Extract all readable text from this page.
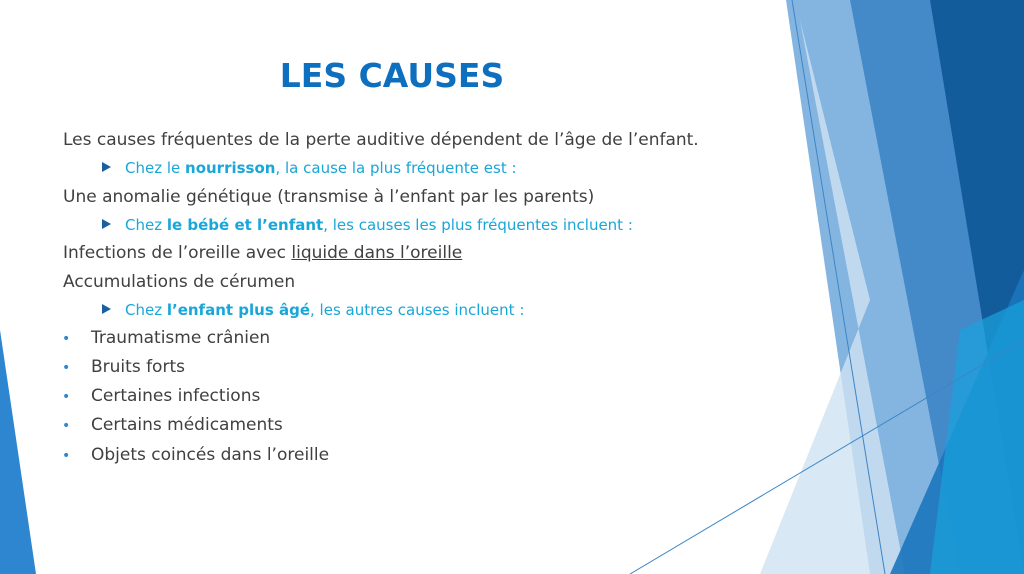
LES CAUSES
Les causes fréquentes de la perte auditive dépendent de l’âge de l’enfant.
Chez le nourrisson, la cause la plus fréquente est :
Une anomalie génétique (transmise à l’enfant par les parents)
Chez le bébé et l’enfant, les causes les plus fréquentes incluent :
Infections de l’oreille avec liquide dans l’oreille
Accumulations de cérumen
Chez l’enfant plus âgé, les autres causes incluent :
• Traumatisme crânien
• Bruits forts
• Certaines infections
• Certains médicaments
• Objets coincés dans l’oreille
